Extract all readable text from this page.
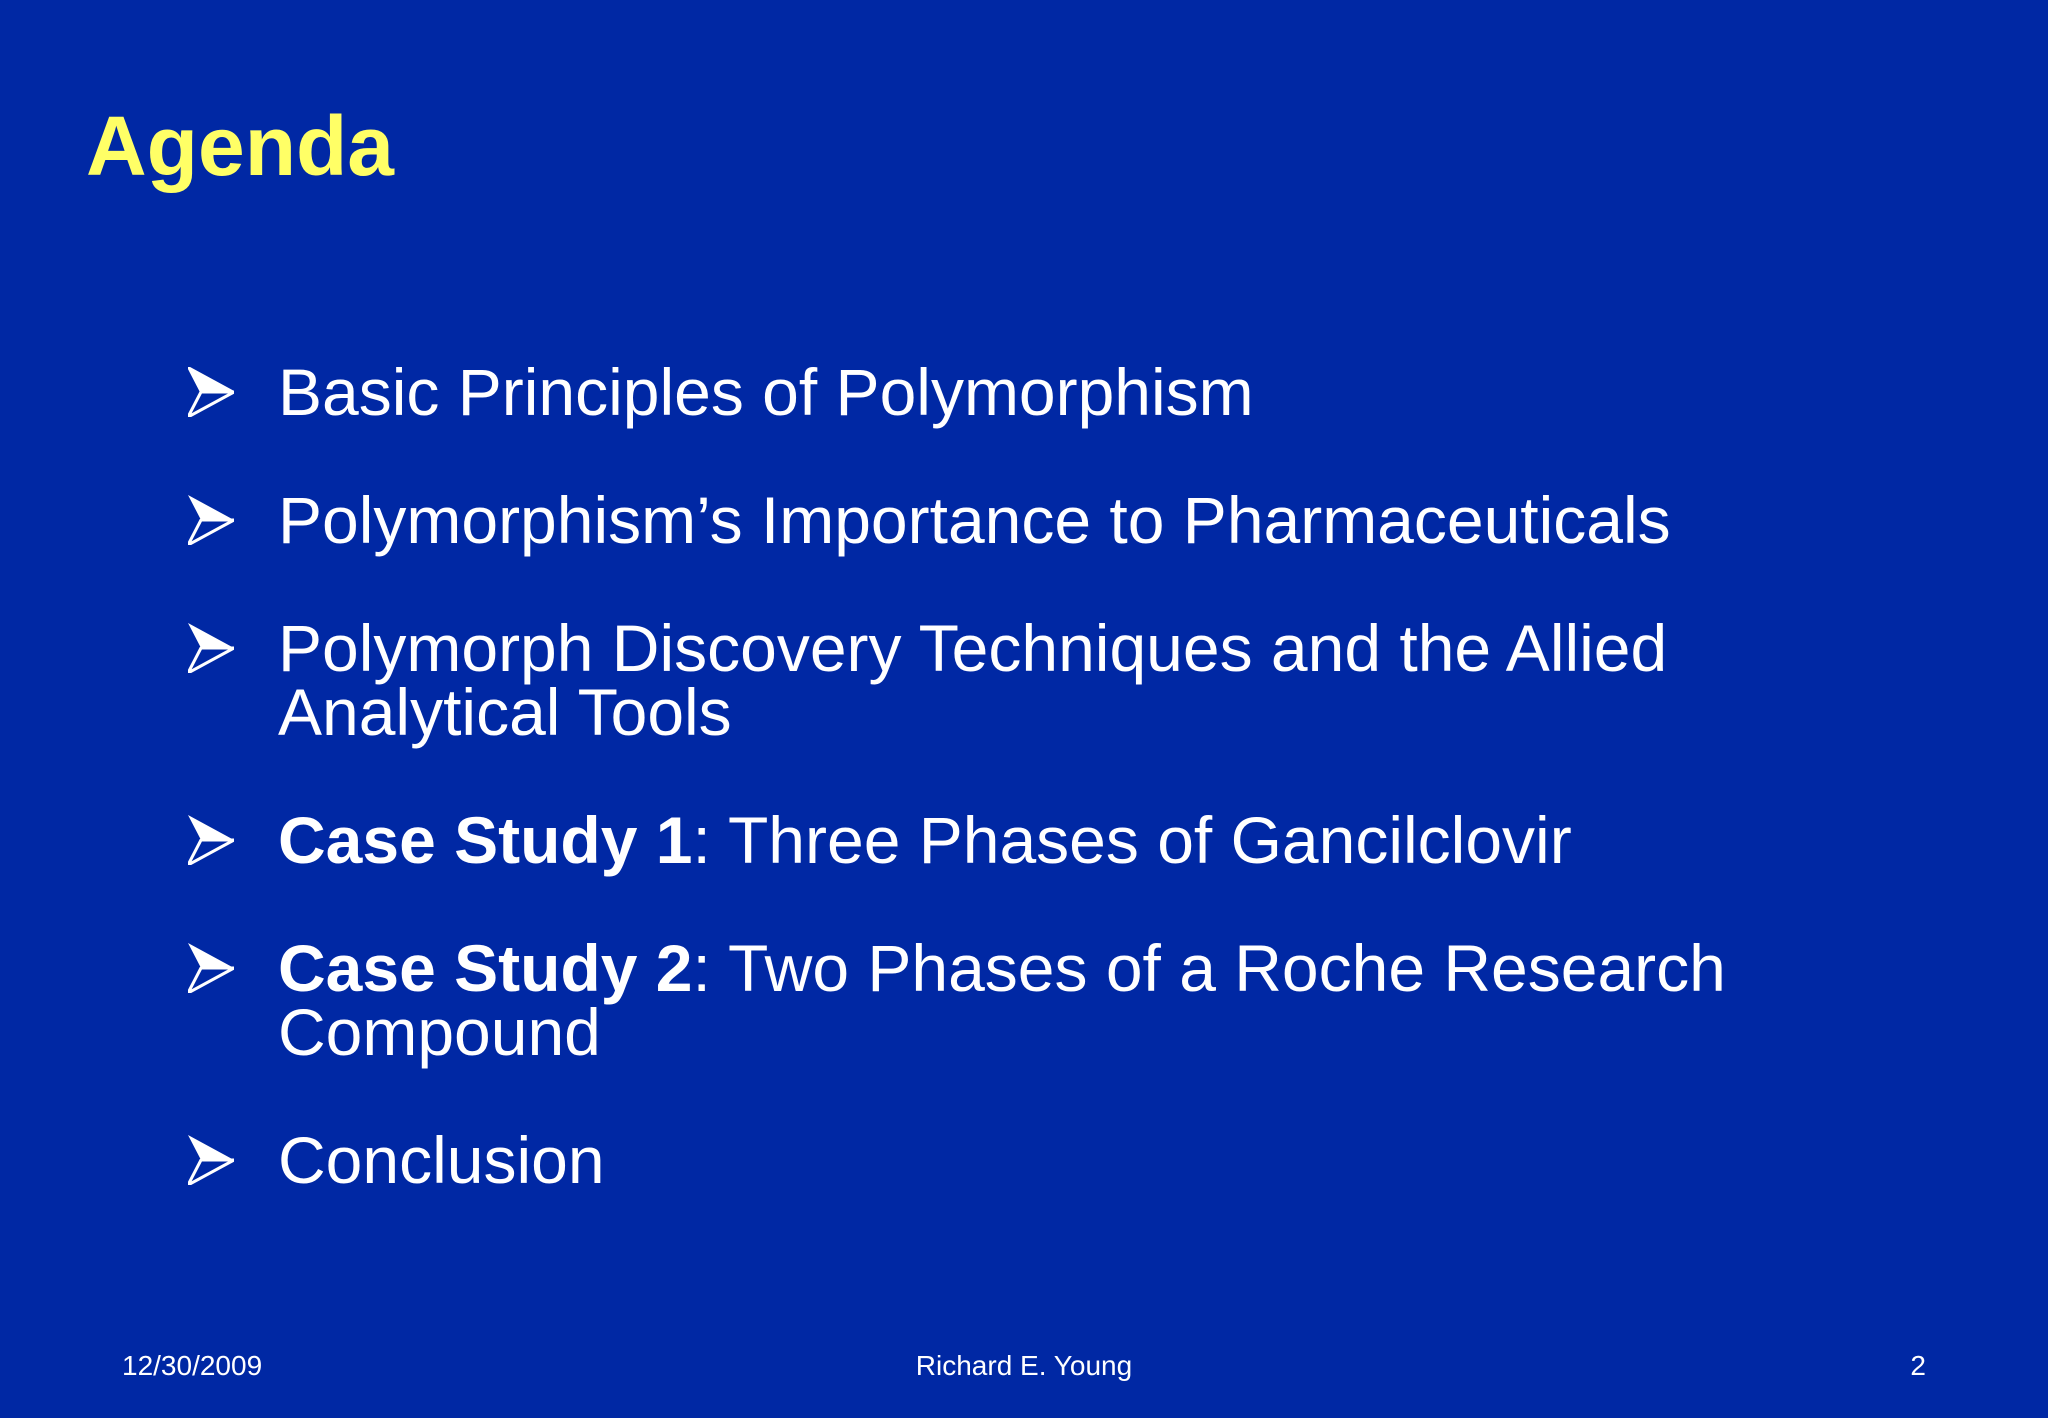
Agenda
Basic Principles of Polymorphism
Polymorphism’s Importance to Pharmaceuticals
Polymorph Discovery Techniques and the Allied Analytical Tools
Case Study 1: Three Phases of Gancilclovir
Case Study 2: Two Phases of a Roche Research Compound
Conclusion
12/30/2009	Richard E. Young	2
